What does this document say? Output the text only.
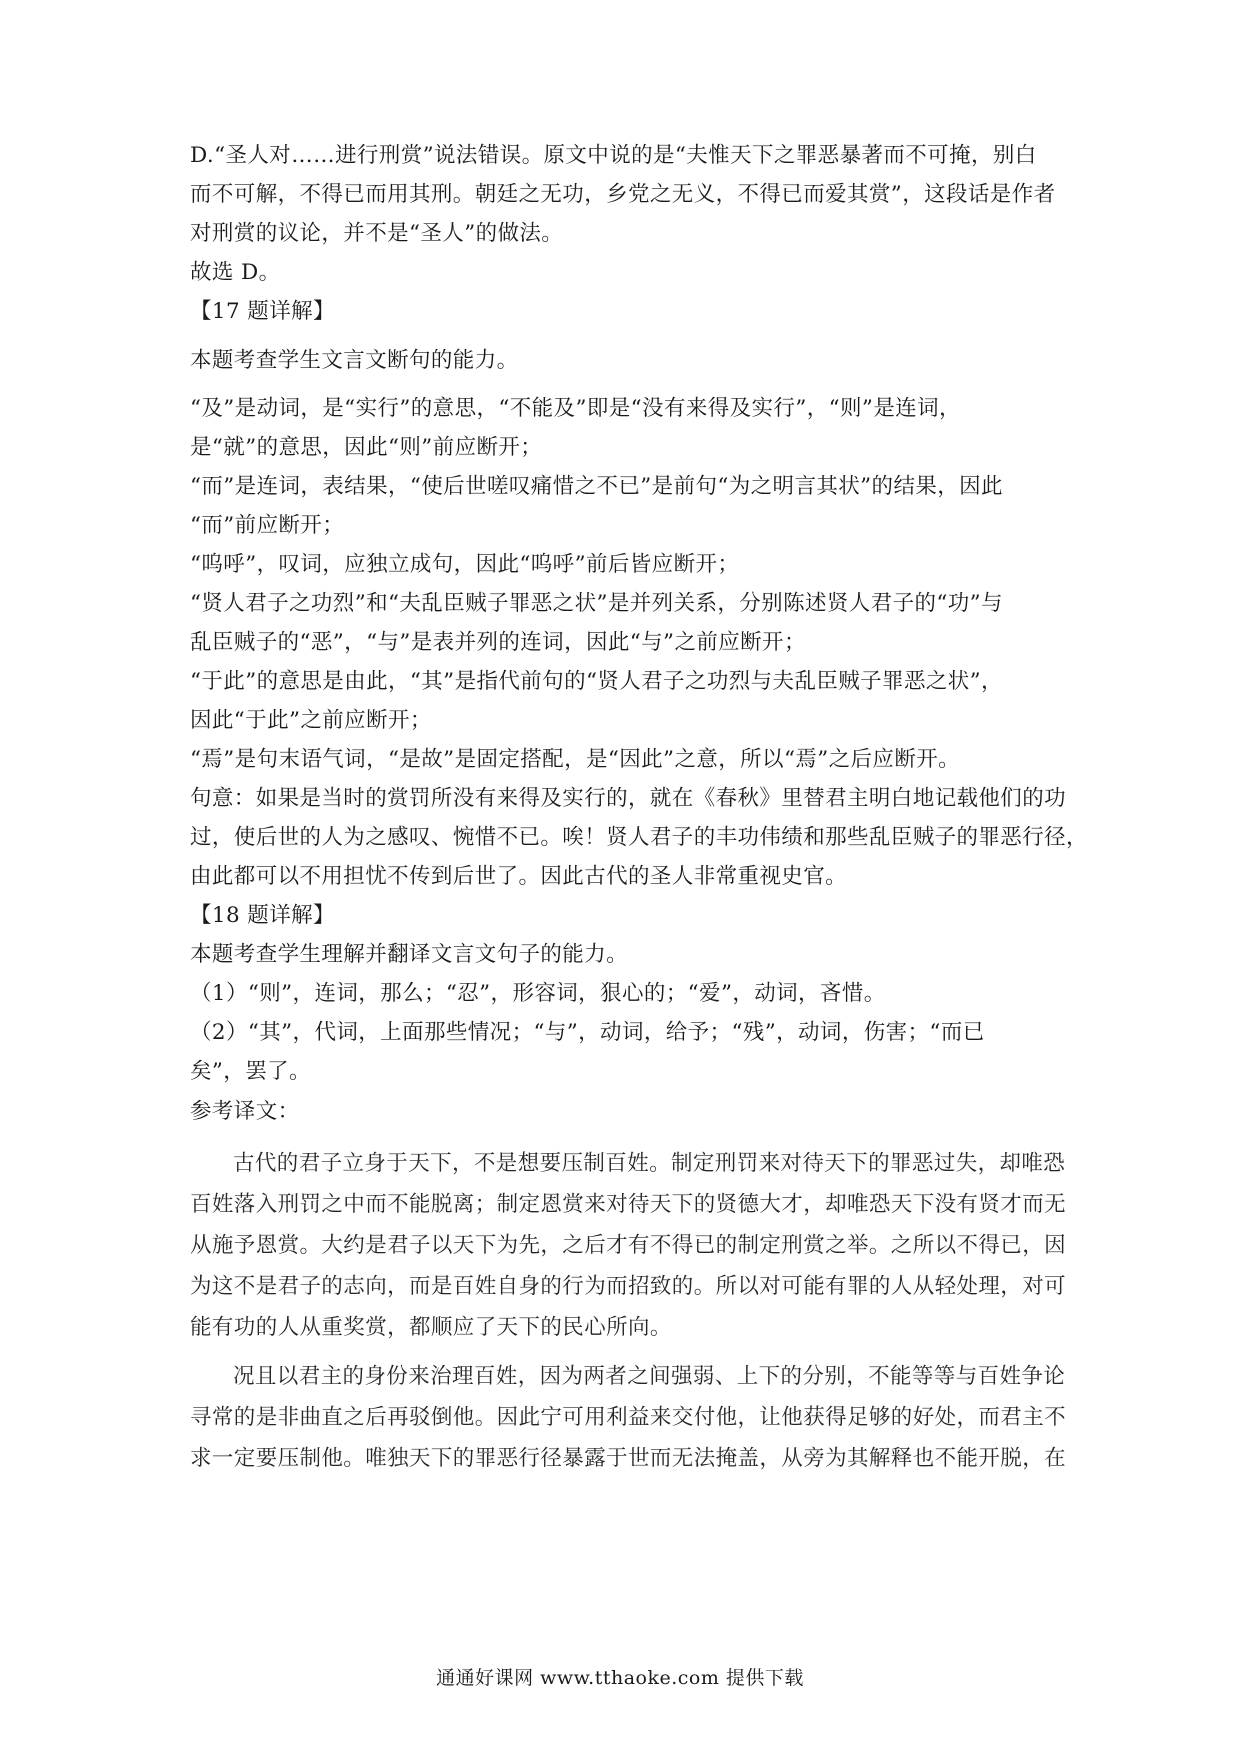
D.“圣人对……进行刑赏”说法错误。原文中说的是“夫惟天下之罪恶暴著而不可掩，别白
而不可解，不得已而用其刑。朝廷之无功，乡党之无义，不得已而爱其赏”，这段话是作者
对刑赏的议论，并不是“圣人”的做法。
故选 D。
【17 题详解】
本题考查学生文言文断句的能力。
“及”是动词，是“实行”的意思，“不能及”即是“没有来得及实行”，“则”是连词，
是“就”的意思，因此“则”前应断开；
“而”是连词，表结果，“使后世嗟叹痛惜之不已”是前句“为之明言其状”的结果，因此
“而”前应断开；
“呜呼”，叹词，应独立成句，因此“呜呼”前后皆应断开；
“贤人君子之功烈”和“夫乱臣贼子罪恶之状”是并列关系，分别陈述贤人君子的“功”与
乱臣贼子的“恶”，“与”是表并列的连词，因此“与”之前应断开；
“于此”的意思是由此，“其”是指代前句的“贤人君子之功烈与夫乱臣贼子罪恶之状”，
因此“于此”之前应断开；
“焉”是句末语气词，“是故”是固定搭配，是“因此”之意，所以“焉”之后应断开。
句意：如果是当时的赏罚所没有来得及实行的，就在《春秋》里替君主明白地记载他们的功
过，使后世的人为之感叹、惋惜不已。唉！贤人君子的丰功伟绩和那些乱臣贼子的罪恶行径，
由此都可以不用担忧不传到后世了。因此古代的圣人非常重视史官。
【18 题详解】
本题考查学生理解并翻译文言文句子的能力。
（1）“则”，连词，那么；“忍”，形容词，狠心的；“爱”，动词，吝惜。
（2）“其”，代词，上面那些情况；“与”，动词，给予；“残”，动词，伤害；“而已
矣”，罢了。
参考译文：
古代的君子立身于天下，不是想要压制百姓。制定刑罚来对待天下的罪恶过失，却唯恐
百姓落入刑罚之中而不能脱离；制定恩赏来对待天下的贤德大才，却唯恐天下没有贤才而无
从施予恩赏。大约是君子以天下为先，之后才有不得已的制定刑赏之举。之所以不得已，因
为这不是君子的志向，而是百姓自身的行为而招致的。所以对可能有罪的人从轻处理，对可
能有功的人从重奖赏，都顺应了天下的民心所向。
况且以君主的身份来治理百姓，因为两者之间强弱、上下的分别，不能等等与百姓争论
寻常的是非曲直之后再驳倒他。因此宁可用利益来交付他，让他获得足够的好处，而君主不
求一定要压制他。唯独天下的罪恶行径暴露于世而无法掩盖，从旁为其解释也不能开脱，在
通通好课网 www.tthaoke.com 提供下载
